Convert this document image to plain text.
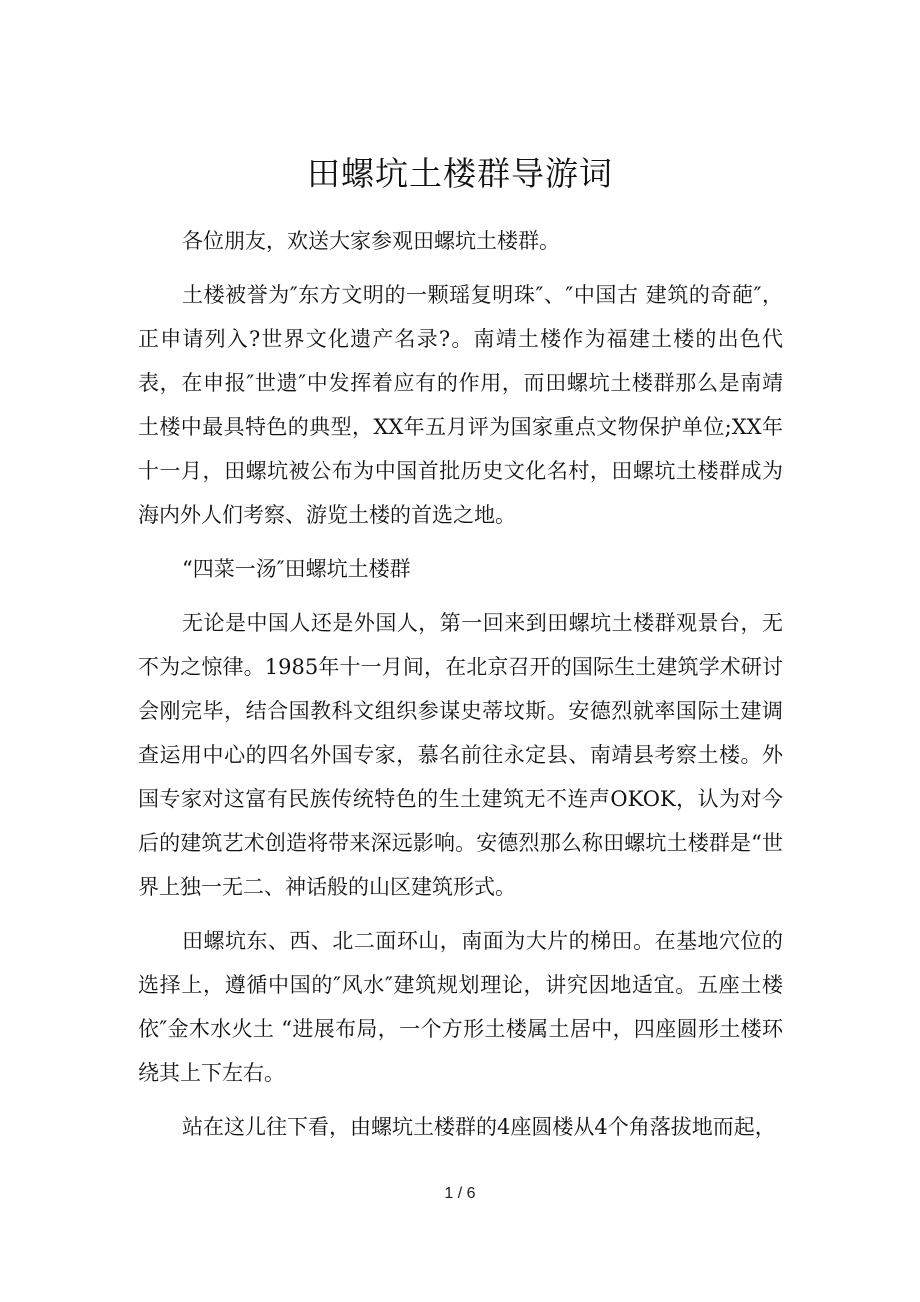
田螺坑土楼群导游词

各位朋友，欢送大家参观田螺坑土楼群。

土楼被誉为″东方文明的一颗瑶复明珠″、″中国古 建筑的奇葩″，正申请列入?世界文化遗产名录?。南靖土楼作为福建土楼的出色代表，在申报″世遗″中发挥着应有的作用，而田螺坑土楼群那么是南靖土楼中最具特色的典型，XX年五月评为国家重点文物保护单位;XX年十一月，田螺坑被公布为中国首批历史文化名村，田螺坑土楼群成为海内外人们考察、游览土楼的首选之地。

“四菜一汤″田螺坑土楼群

无论是中国人还是外国人，第一回来到田螺坑土楼群观景台，无不为之惊律。1985年十一月间，在北京召开的国际生土建筑学术研讨会刚完毕，结合国教科文组织参谋史蒂坟斯。安德烈就率国际土建调查运用中心的四名外国专家，慕名前往永定县、南靖县考察土楼。外国专家对这富有民族传统特色的生土建筑无不连声OKOK，认为对今后的建筑艺术创造将带来深远影响。安德烈那么称田螺坑土楼群是“世界上独一无二、神话般的山区建筑形式。

田螺坑东、西、北二面环山，南面为大片的梯田。在基地穴位的选择上，遵循中国的″风水″建筑规划理论，讲究因地适宜。五座土楼依″金木水火土 “进展布局，一个方形土楼属土居中，四座圆形土楼环绕其上下左右。

站在这儿往下看，由螺坑土楼群的4座圆楼从4个角落拔地而起，

1 / 6
